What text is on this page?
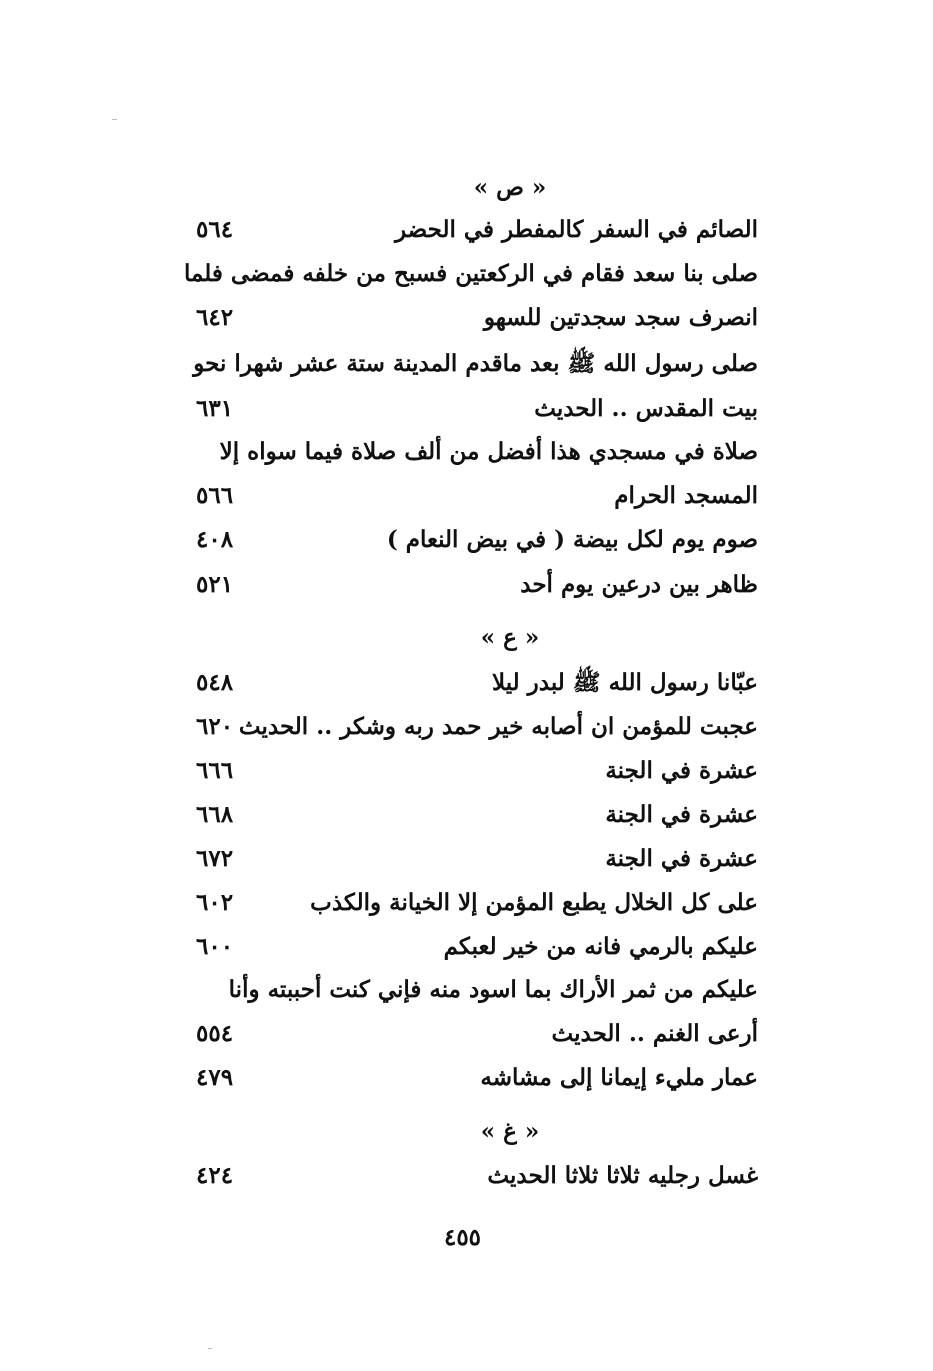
« ص »
الصائم في السفر كالمفطر في الحضر
٥٦٤
صلى بنا سعد فقام في الركعتين فسبح من خلفه فمضى فلما
انصرف سجد سجدتين للسهو
٦٤٢
صلى رسول الله ﷺ بعد ماقدم المدينة ستة عشر شهرا نحو
بيت المقدس .. الحديث
٦٣١
صلاة في مسجدي هذا أفضل من ألف صلاة فيما سواه إلا
المسجد الحرام
٥٦٦
صوم يوم لكل بيضة ( في بيض النعام )
٤٠٨
ظاهر بين درعين يوم أحد
٥٢١
« ع »
عبّانا رسول الله ﷺ لبدر ليلا
٥٤٨
عجبت للمؤمن ان أصابه خير حمد ربه وشكر .. الحديث
٦٢٠
عشرة في الجنة
٦٦٦
عشرة في الجنة
٦٦٨
عشرة في الجنة
٦٧٢
على كل الخلال يطبع المؤمن إلا الخيانة والكذب
٦٠٢
عليكم بالرمي فانه من خير لعبكم
٦٠٠
عليكم من ثمر الأراك بما اسود منه فإني كنت أحببته وأنا
أرعى الغنم .. الحديث
٥٥٤
عمار مليء إيمانا إلى مشاشه
٤٧٩
« غ »
غسل رجليه ثلاثا ثلاثا الحديث
٤٢٤
٤٥٥
